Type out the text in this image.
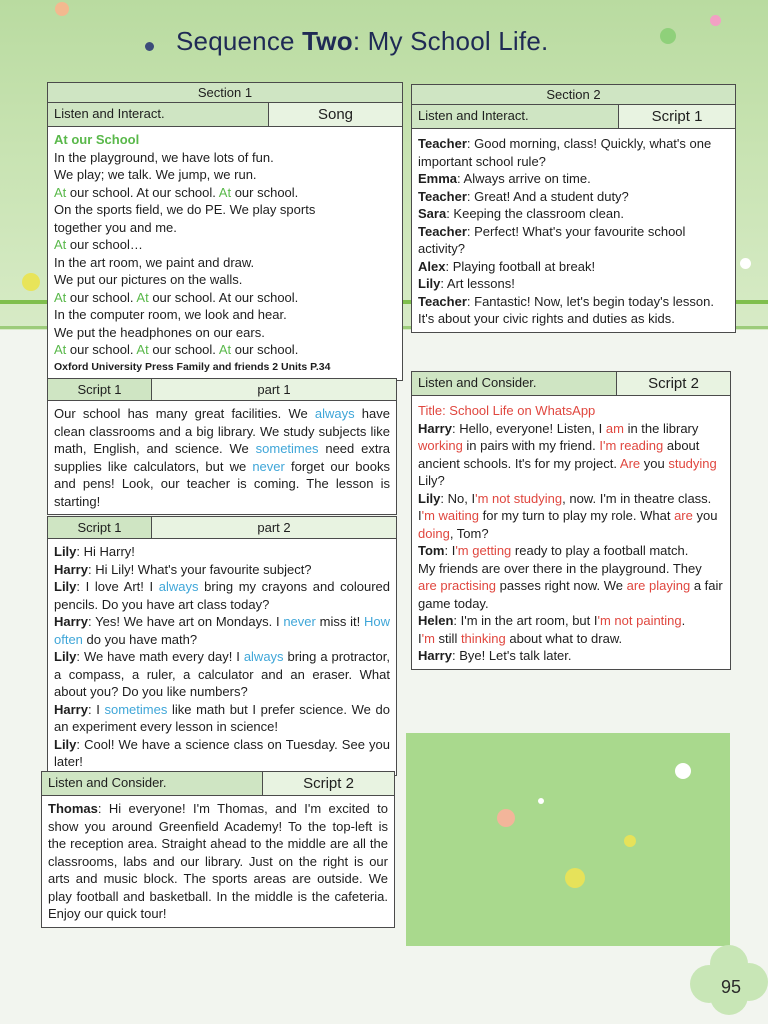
Sequence Two: My School Life.
Section 1
Listen and Interact.	Song

At our School

In the playground, we have lots of fun.

We play; we talk. We jump, we run.

At our school. At our school. At our school.

On the sports field, we do PE. We play sports

together you and me.

At our school…

In the art room, we paint and draw.

We put our pictures on the walls.

At our school. At our school. At our school.

In the computer room, we look and hear.

We put the headphones on our ears.

At our school. At our school. At our school.

Oxford University Press Family and friends 2 Units P.34

Script 1	part 1
Our school has many great facilities. We always have clean classrooms and a big library. We study subjects like math, English, and science. We sometimes need extra supplies like calculators, but we never forget our books and pens! Look, our teacher is coming. The lesson is starting!
Script 1	part 2

Lily: Hi Harry!

Harry: Hi Lily! What's your favourite subject?

Lily: I love Art! I always bring my crayons and coloured pencils. Do you have art class today?

Harry: Yes! We have art on Mondays. I never miss it! How often do you have math?

Lily: We have math every day! I always bring a protractor, a compass, a ruler, a calculator and an eraser. What about you? Do you like numbers?

Harry: I sometimes like math but I prefer science. We do an experiment every lesson in science!

Lily: Cool! We have a science class on Tuesday. See you later!

Listen and Consider.	Script 2
Thomas: Hi everyone! I'm Thomas, and I'm excited to show you around Greenfield Academy! To the top-left is the reception area. Straight ahead to the middle are all the classrooms, labs and our library. Just on the right is our arts and music block. The sports areas are outside. We play football and basketball. In the middle is the cafeteria. Enjoy our quick tour!
Section 2
Listen and Interact.	Script 1

Teacher: Good morning, class! Quickly, what's one important school rule?

Emma: Always arrive on time.

Teacher: Great! And a student duty?

Sara: Keeping the classroom clean.

Teacher: Perfect! What's your favourite school activity?

Alex: Playing football at break!

Lily: Art lessons!

Teacher: Fantastic! Now, let's begin today's lesson.

It's about your civic rights and duties as kids.

Listen and Consider.	Script 2

Title: School Life on WhatsApp

Harry: Hello, everyone! Listen, I am in the library working in pairs with my friend. I'm reading about ancient schools. It's for my project. Are you studying Lily?

Lily: No, I'm not studying, now. I'm in theatre class. I'm waiting for my turn to play my role. What are you doing, Tom?

Tom: I'm getting ready to play a football match.

My friends are over there in the playground. They are practising passes right now. We are playing a fair game today.

Helen: I'm in the art room, but I'm not painting.

I'm still thinking about what to draw.

Harry: Bye! Let's talk later.

95
